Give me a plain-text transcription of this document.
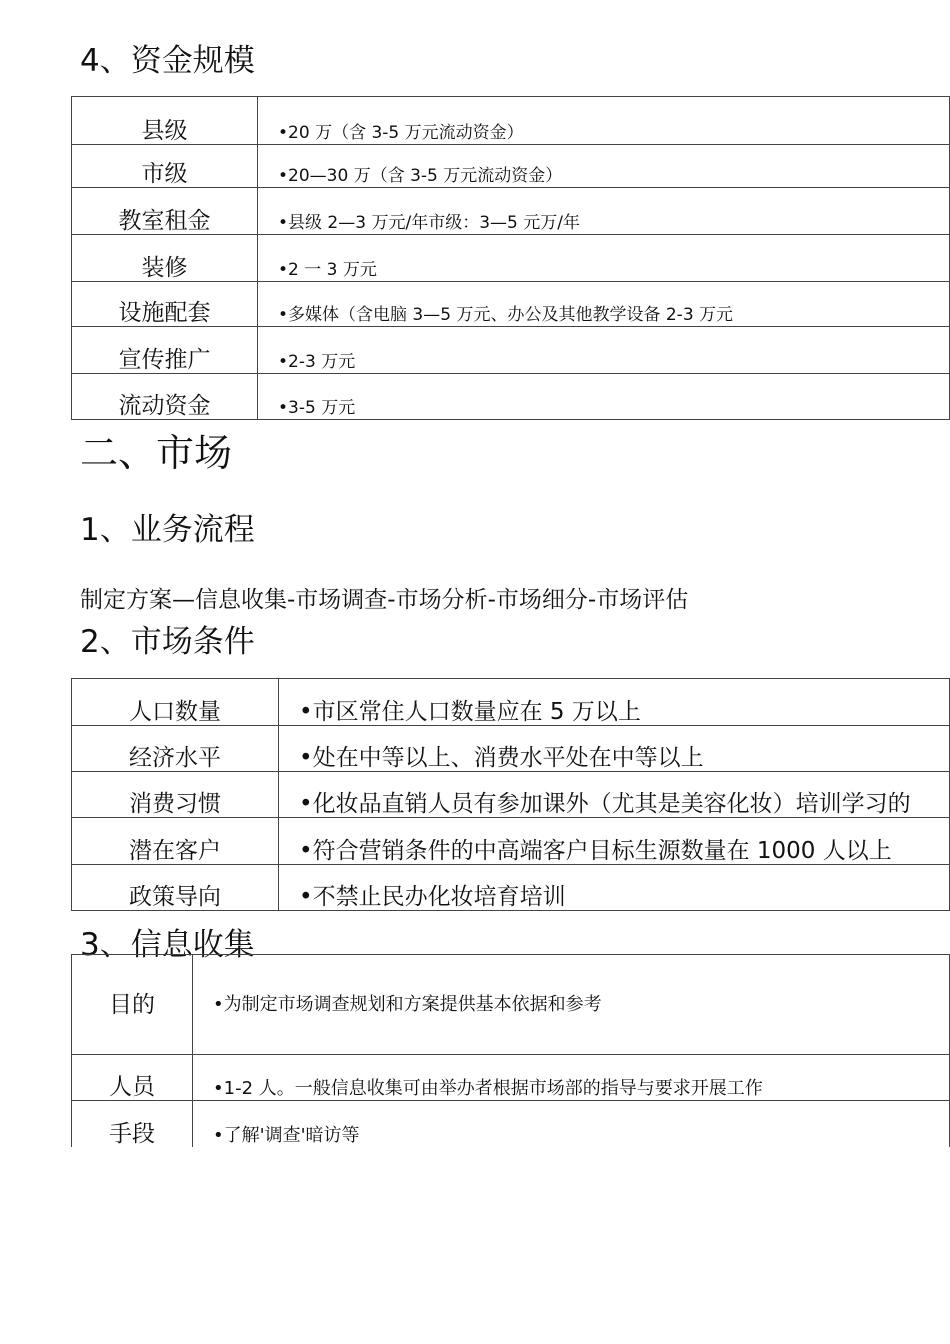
4、资金规模
县级	•20 万（含 3-5 万元流动资金）
市级	•20—30 万（含 3-5 万元流动资金）
教室租金	•县级 2—3 万元/年市级：3—5 元万/年
装修	•2 一 3 万元
设施配套	•多媒体（含电脑 3—5 万元、办公及其他教学设备 2-3 万元
宣传推广	•2-3 万元
流动资金	•3-5 万元
二、市场
1、业务流程

制定方案—信息收集-市场调查-市场分析-市场细分-市场评估

2、市场条件
人口数量	•市区常住人口数量应在 5 万以上
经济水平	•处在中等以上、消费水平处在中等以上
消费习惯	•化妆品直销人员有参加课外（尤其是美容化妆）培训学习的
潜在客户	•符合营销条件的中高端客户目标生源数量在 1000 人以上
政策导向	•不禁止民办化妆培育培训
3、信息收集
目的	•为制定市场调查规划和方案提供基本依据和参考
人员	•1-2 人。一般信息收集可由举办者根据市场部的指导与要求开展工作
手段	•了解'调查'暗访等
